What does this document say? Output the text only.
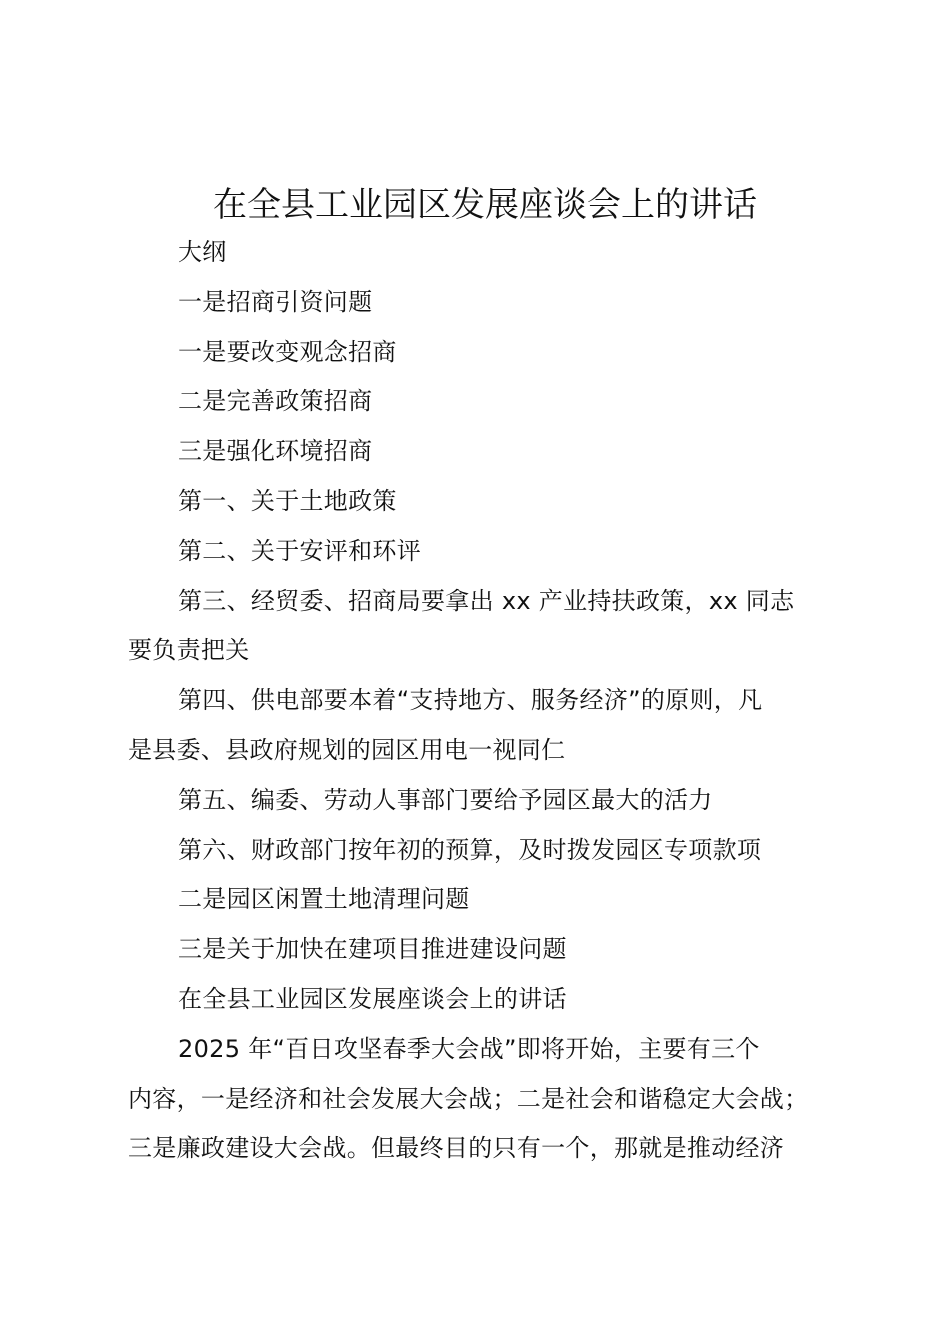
在全县工业园区发展座谈会上的讲话

大纲

一是招商引资问题

一是要改变观念招商

二是完善政策招商

三是强化环境招商

第一、关于土地政策

第二、关于安评和环评

第三、经贸委、招商局要拿出 xx 产业持扶政策，xx 同志
要负责把关

第四、供电部要本着“支持地方、服务经济”的原则，凡
是县委、县政府规划的园区用电一视同仁

第五、编委、劳动人事部门要给予园区最大的活力

第六、财政部门按年初的预算，及时拨发园区专项款项

二是园区闲置土地清理问题

三是关于加快在建项目推进建设问题

在全县工业园区发展座谈会上的讲话

2025 年“百日攻坚春季大会战”即将开始，主要有三个
内容，一是经济和社会发展大会战；二是社会和谐稳定大会战；
三是廉政建设大会战。但最终目的只有一个，那就是推动经济
